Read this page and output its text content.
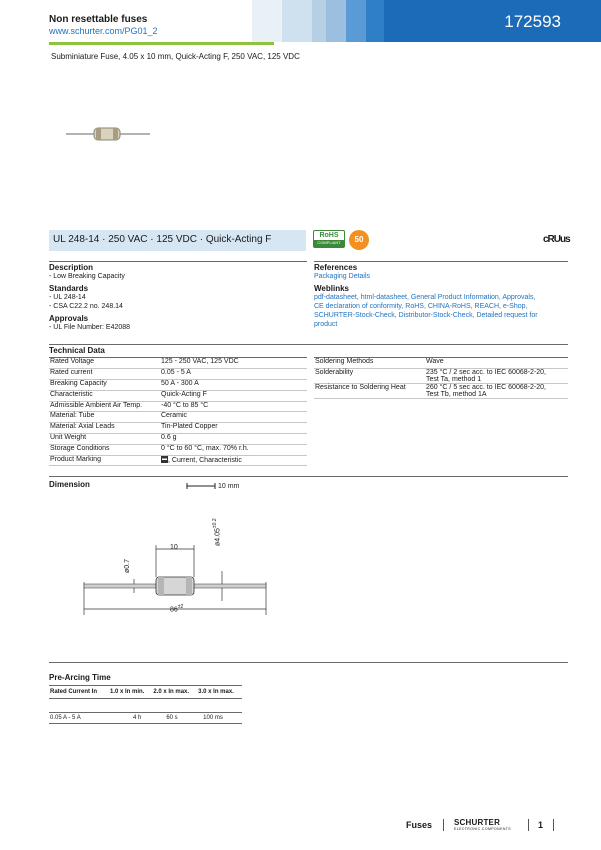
Non resettable fuses
www.schurter.com/PG01_2	172593
Subminiature Fuse, 4.05 x 10 mm, Quick-Acting F, 250 VAC, 125 VDC
UL 248-14 · 250 VAC · 125 VDC · Quick-Acting F	RoHS
COMPLIANT	50	cRUus
Description
- Low Breaking Capacity
Standards
- UL 248-14
- CSA C22.2 no. 248.14
Approvals
- UL File Number: E42088
References
Packaging Details
Weblinks
pdf-datasheet, html-datasheet, General Product Information, Approvals,
CE declaration of conformity, RoHS, CHINA-RoHS, REACH, e-Shop,
SCHURTER-Stock-Check, Distributor-Stock-Check, Detailed request for
product
Technical Data
Rated Voltage	125 - 250 VAC, 125 VDC
Rated current	0.05 - 5 A
Breaking Capacity	50 A - 300 A
Characteristic	Quick-Acting F
Admissible Ambient Air Temp.	-40 °C to 85 °C
Material: Tube	Ceramic
Material: Axial Leads	Tin-Plated Copper
Unit Weight	0.6 g
Storage Conditions	0 °C to 60 °C, max. 70% r.h.
Product Marking	, Current, Characteristic
Soldering Methods	Wave
Solderability	235 °C / 2 sec acc. to IEC 60068-2-20, Test Ta, method 1
Resistance to Soldering Heat	260 °C / 5 sec acc. to IEC 60068-2-20, Test Tb, method 1A
Dimension	10 mm
10
$ø4.05^{\pm 0.2}$
ø0.7
$86^{\pm 2}$
Pre-Arcing Time
Rated Current In	1.0 x In min.	2.0 x In max.	3.0 x In max.

0.05 A - 5 A	4 h	60 s	100 ms
Fuses	SCHURTER
ELECTRONIC COMPONENTS	1
